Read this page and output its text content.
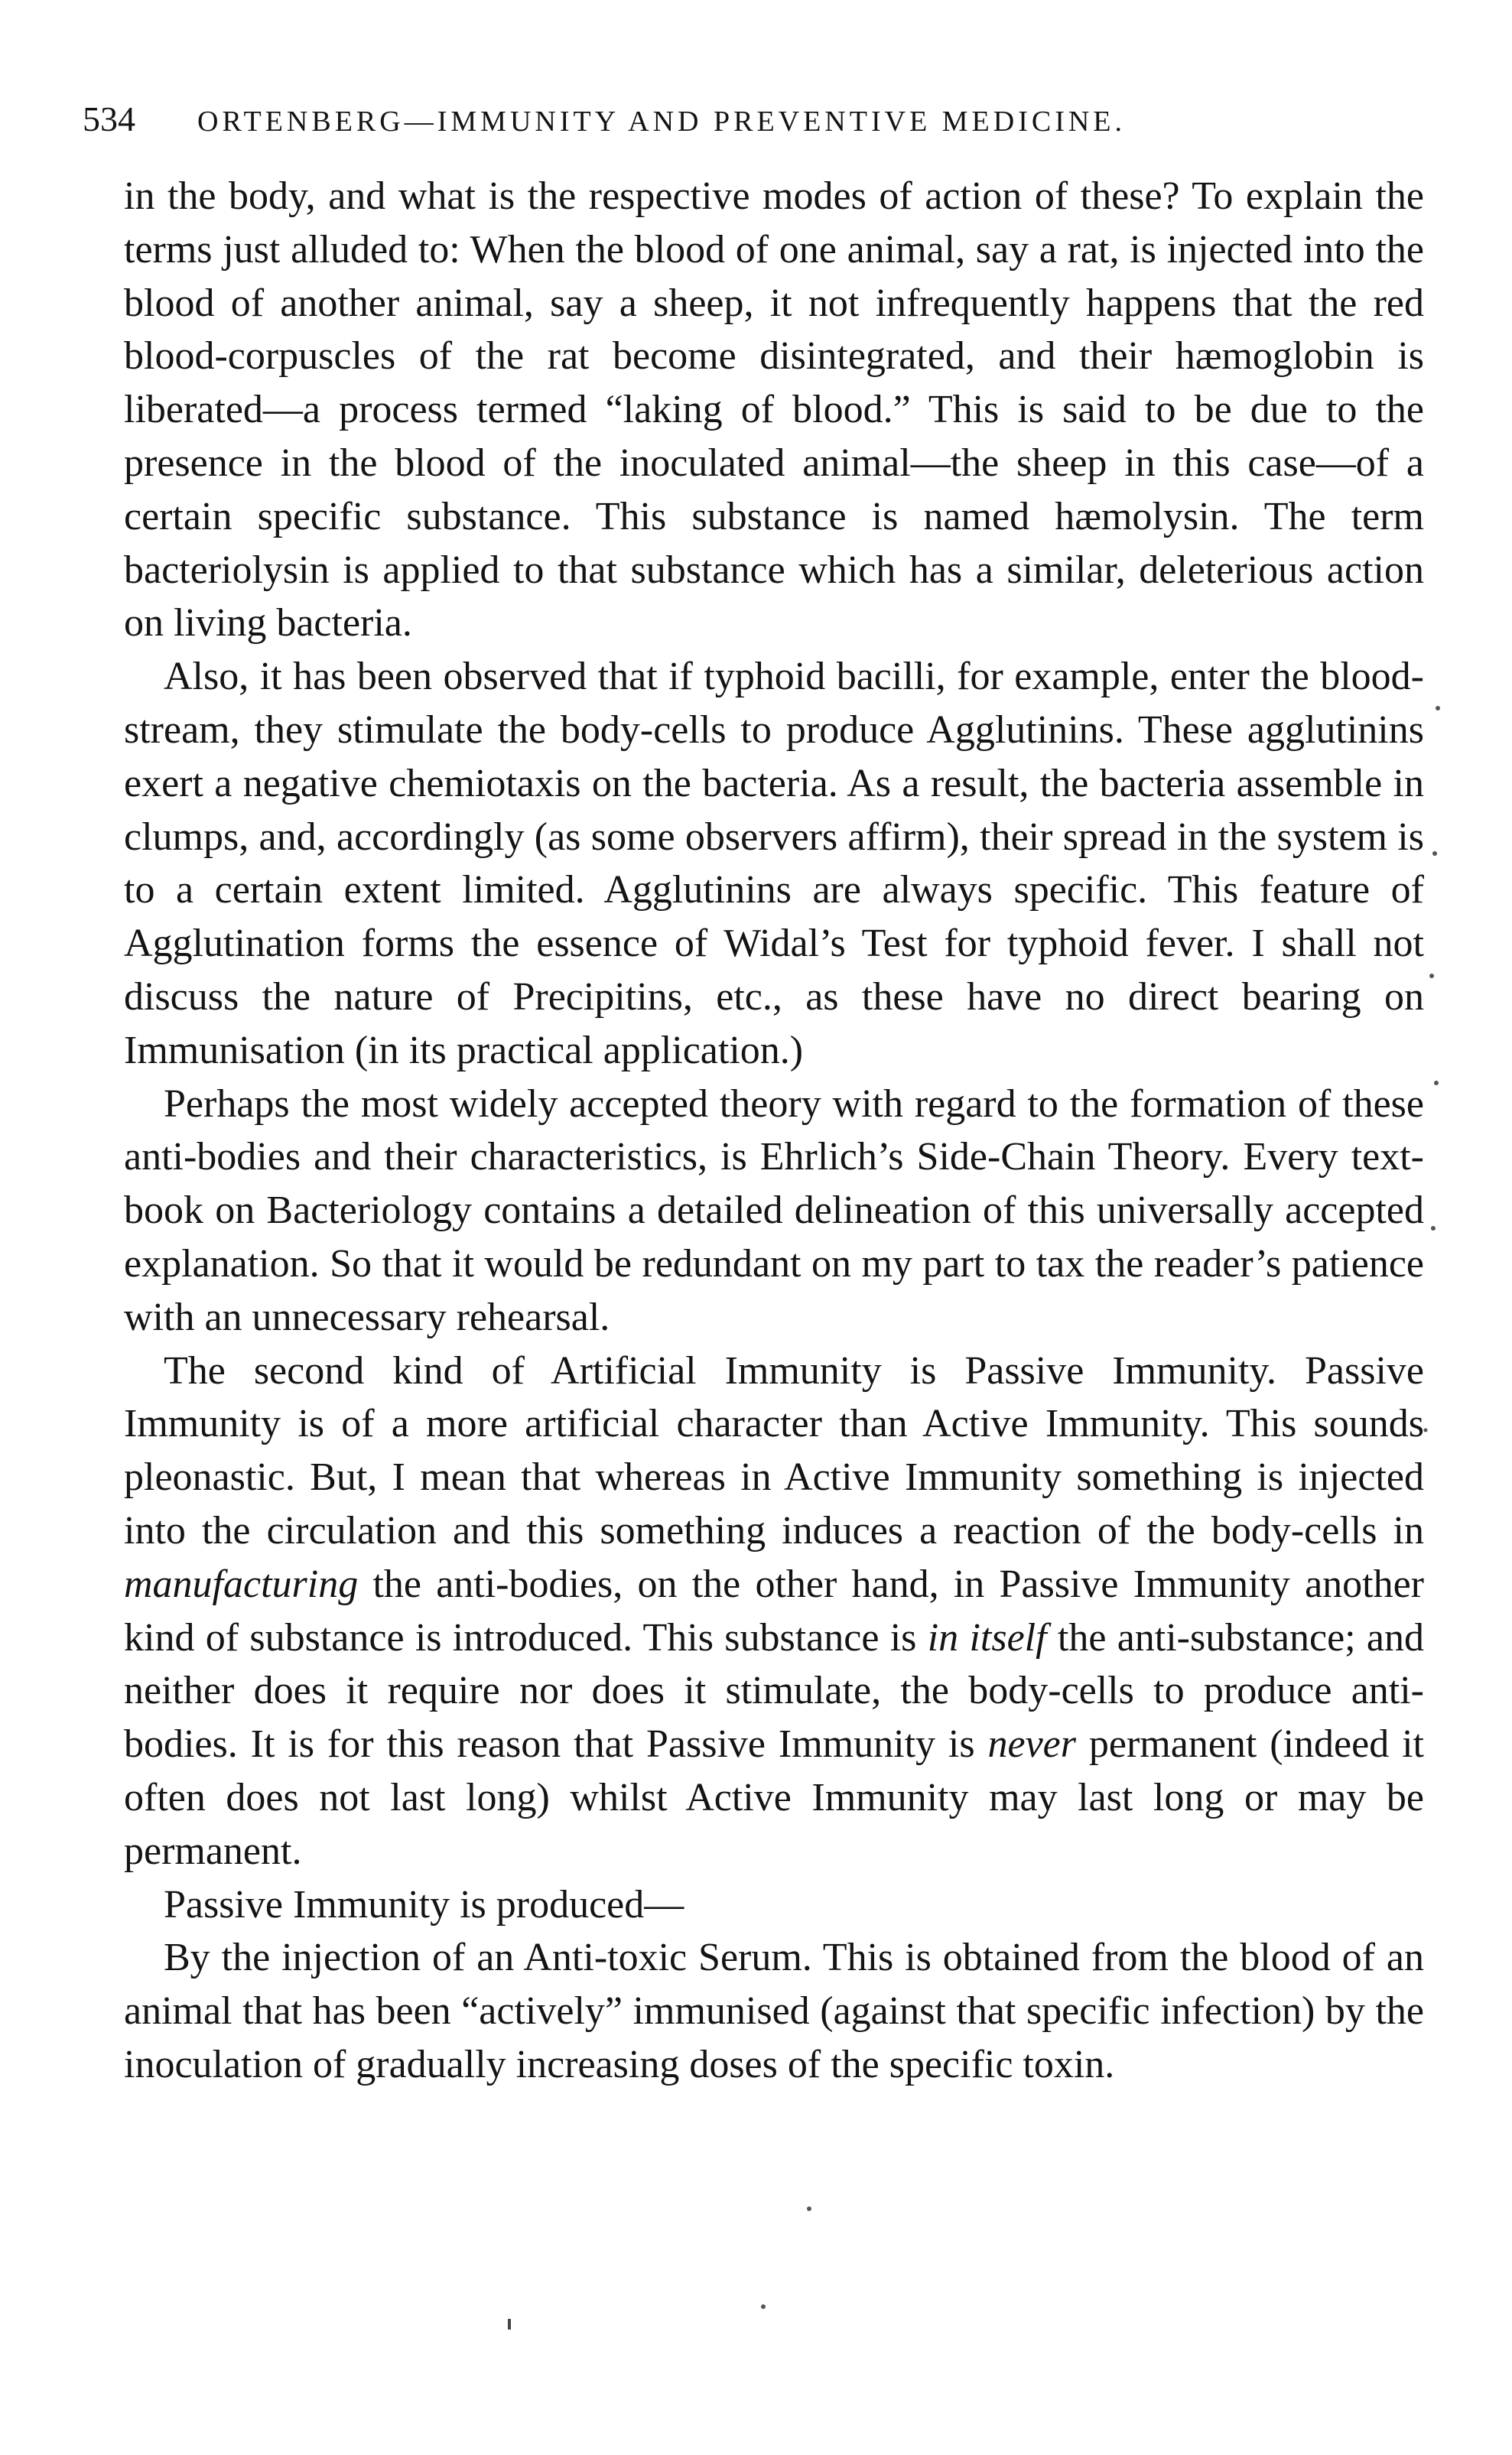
534 ORTENBERG—IMMUNITY AND PREVENTIVE MEDICINE.

in the body, and what is the respective modes of action of these? To explain the terms just alluded to: When the blood of one animal, say a rat, is injected into the blood of another animal, say a sheep, it not infrequently happens that the red blood-corpuscles of the rat become disintegrated, and their hæmoglobin is liberated—a process termed “laking of blood.” This is said to be due to the presence in the blood of the inoculated animal—the sheep in this case—of a certain specific substance. This substance is named hæmolysin. The term bacteriolysin is applied to that substance which has a similar, deleterious action on living bacteria.

Also, it has been observed that if typhoid bacilli, for example, enter the blood-stream, they stimulate the body-cells to produce Agglutinins. These agglutinins exert a negative chemiotaxis on the bacteria. As a result, the bacteria assemble in clumps, and, accordingly (as some observers affirm), their spread in the system is to a certain extent limited. Agglutinins are always specific. This feature of Agglutination forms the essence of Widal’s Test for typhoid fever. I shall not discuss the nature of Precipitins, etc., as these have no direct bearing on Immunisation (in its practical application.)

Perhaps the most widely accepted theory with regard to the formation of these anti-bodies and their characteristics, is Ehrlich’s Side-Chain Theory. Every text-book on Bacteriology contains a detailed delineation of this universally accepted explanation. So that it would be redundant on my part to tax the reader’s patience with an unnecessary rehearsal.

The second kind of Artificial Immunity is Passive Immunity. Passive Immunity is of a more artificial character than Active Immunity. This sounds pleonastic. But, I mean that whereas in Active Immunity something is injected into the circulation and this something induces a reaction of the body-cells in manufacturing the anti-bodies, on the other hand, in Passive Immunity another kind of substance is introduced. This substance is in itself the anti-substance; and neither does it require nor does it stimulate, the body-cells to produce anti-bodies. It is for this reason that Passive Immunity is never permanent (indeed it often does not last long) whilst Active Immunity may last long or may be permanent.

Passive Immunity is produced—

By the injection of an Anti-toxic Serum. This is obtained from the blood of an animal that has been “actively” immunised (against that specific infection) by the inoculation of gradually increasing doses of the specific toxin.
